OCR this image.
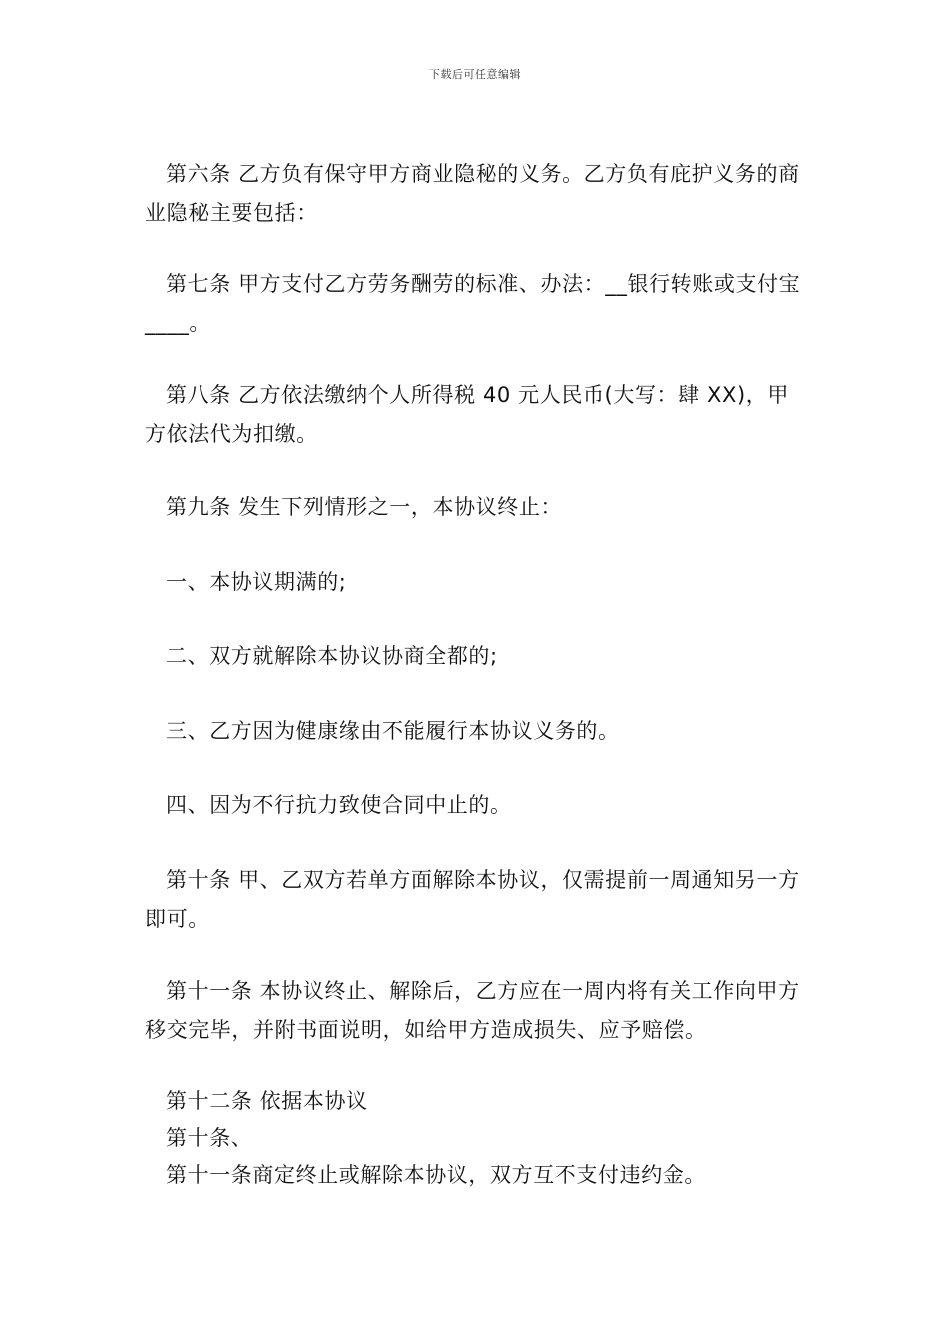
下载后可任意编辑

第六条 乙方负有保守甲方商业隐秘的义务。乙方负有庇护义务的商业隐秘主要包括：

第七条 甲方支付乙方劳务酬劳的标准、办法：__银行转账或支付宝____。

第八条 乙方依法缴纳个人所得税 40 元人民币(大写：肆 XX)，甲方依法代为扣缴。

第九条 发生下列情形之一，本协议终止：

一、本协议期满的;

二、双方就解除本协议协商全都的;

三、乙方因为健康缘由不能履行本协议义务的。

四、因为不行抗力致使合同中止的。

第十条 甲、乙双方若单方面解除本协议，仅需提前一周通知另一方即可。

第十一条 本协议终止、解除后，乙方应在一周内将有关工作向甲方移交完毕，并附书面说明，如给甲方造成损失、应予赔偿。

第十二条 依据本协议

第十条、

第十一条商定终止或解除本协议，双方互不支付违约金。
